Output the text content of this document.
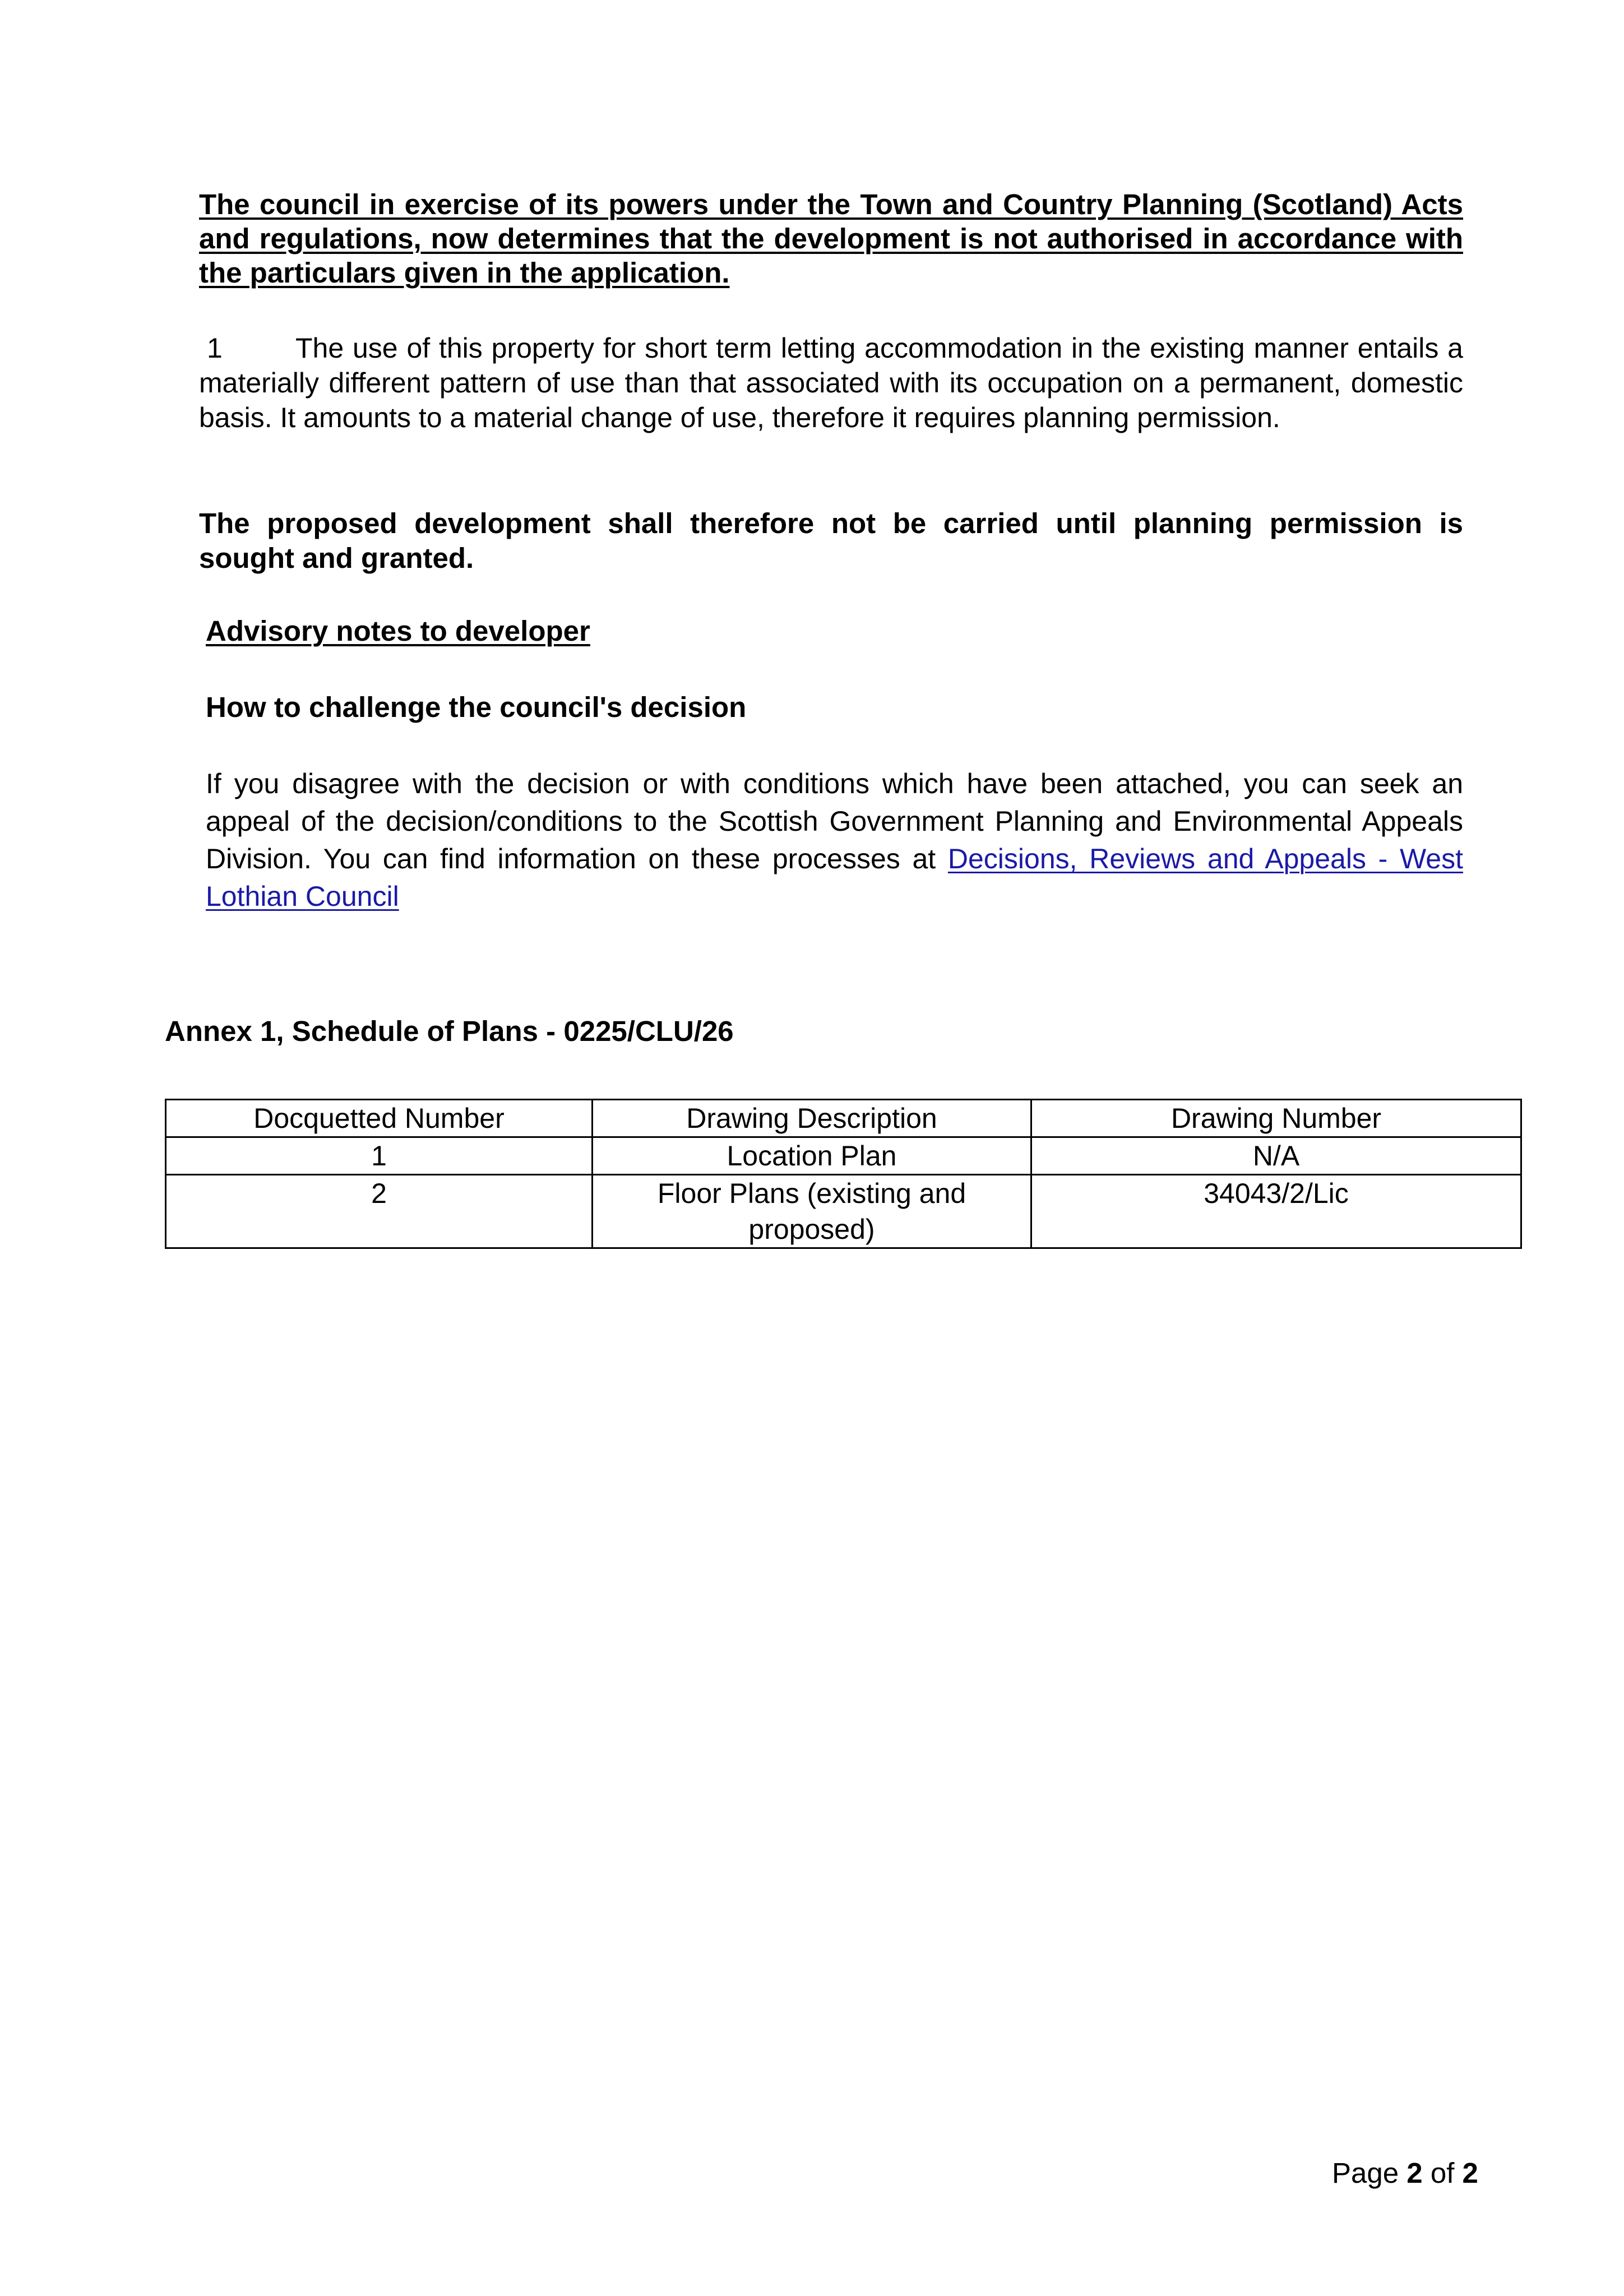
The council in exercise of its powers under the Town and Country Planning (Scotland) Acts and regulations, now determines that the development is not authorised in accordance with the particulars given in the application.
1	The use of this property for short term letting accommodation in the existing manner entails a materially different pattern of use than that associated with its occupation on a permanent, domestic basis. It amounts to a material change of use, therefore it requires planning permission.
The proposed development shall therefore not be carried until planning permission is sought and granted.
Advisory notes to developer
How to challenge the council's decision
If you disagree with the decision or with conditions which have been attached, you can seek an appeal of the decision/conditions to the Scottish Government Planning and Environmental Appeals Division. You can find information on these processes at Decisions, Reviews and Appeals - West Lothian Council
Annex 1, Schedule of Plans - 0225/CLU/26
Docquetted Number	Drawing Description	Drawing Number
1	Location Plan	N/A
2	Floor Plans (existing and proposed)	34043/2/Lic
Page 2 of 2
